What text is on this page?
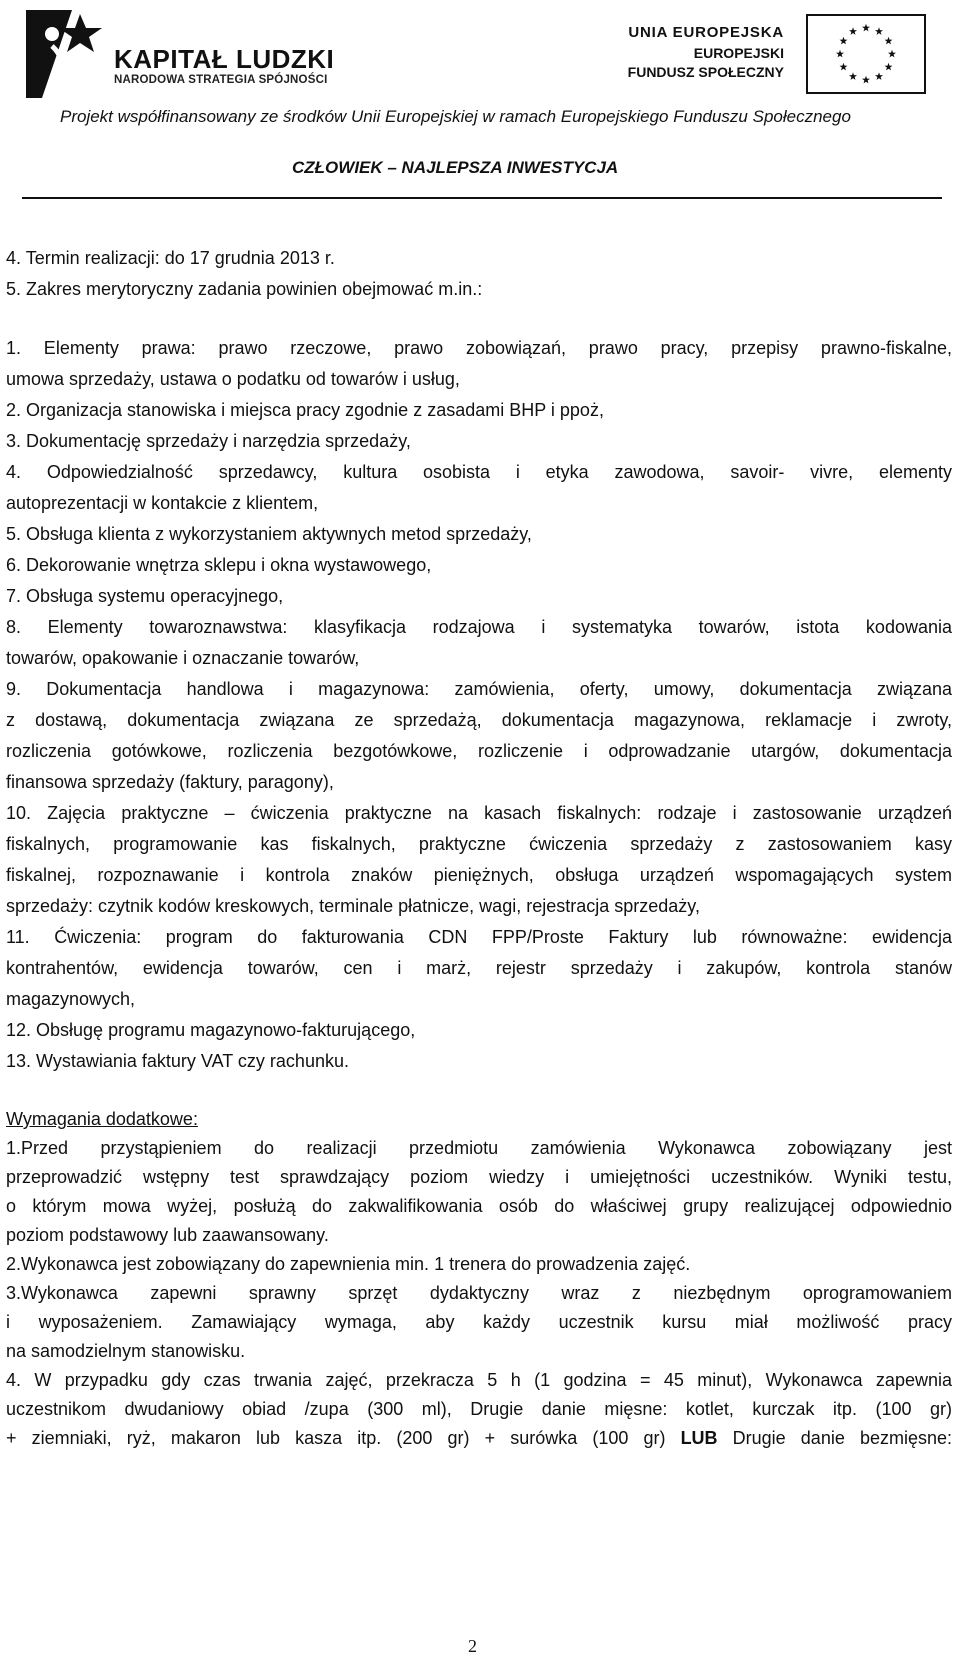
KAPITAŁ LUDZKI
NARODOWA STRATEGIA SPÓJNOŚCI
UNIA EUROPEJSKA
EUROPEJSKI
FUNDUSZ SPOŁECZNY
Projekt współfinansowany ze środków Unii Europejskiej w ramach Europejskiego Funduszu Społecznego
CZŁOWIEK – NAJLEPSZA INWESTYCJA
4. Termin realizacji: do 17 grudnia 2013 r.
5. Zakres merytoryczny zadania powinien obejmować m.in.:
1. Elementy prawa: prawo rzeczowe, prawo zobowiązań, prawo pracy, przepisy prawno-fiskalne,
umowa sprzedaży, ustawa o podatku od towarów i usług,
2. Organizacja stanowiska i miejsca pracy zgodnie z zasadami BHP i ppoż,
3. Dokumentację sprzedaży i narzędzia sprzedaży,
4. Odpowiedzialność sprzedawcy, kultura osobista i etyka zawodowa, savoir- vivre, elementy
autoprezentacji w kontakcie z klientem,
5. Obsługa klienta z wykorzystaniem aktywnych metod sprzedaży,
6. Dekorowanie wnętrza sklepu i okna wystawowego,
7. Obsługa systemu operacyjnego,
8. Elementy towaroznawstwa: klasyfikacja rodzajowa i systematyka towarów, istota kodowania
towarów, opakowanie i oznaczanie towarów,
9. Dokumentacja handlowa i magazynowa: zamówienia, oferty, umowy, dokumentacja związana
z dostawą, dokumentacja związana ze sprzedażą, dokumentacja magazynowa, reklamacje i zwroty,
rozliczenia gotówkowe, rozliczenia bezgotówkowe, rozliczenie i odprowadzanie utargów, dokumentacja
finansowa sprzedaży (faktury, paragony),
10. Zajęcia praktyczne – ćwiczenia praktyczne na kasach fiskalnych: rodzaje i zastosowanie urządzeń
fiskalnych, programowanie kas fiskalnych, praktyczne ćwiczenia sprzedaży z zastosowaniem kasy
fiskalnej, rozpoznawanie i kontrola znaków pieniężnych, obsługa urządzeń wspomagających system
sprzedaży: czytnik kodów kreskowych, terminale płatnicze, wagi, rejestracja sprzedaży,
11. Ćwiczenia: program do fakturowania CDN FPP/Proste Faktury lub równoważne: ewidencja
kontrahentów, ewidencja towarów, cen i marż, rejestr sprzedaży i zakupów, kontrola stanów
magazynowych,
12. Obsługę programu magazynowo-fakturującego,
13. Wystawiania faktury VAT czy rachunku.
Wymagania dodatkowe:
1.Przed przystąpieniem do realizacji przedmiotu zamówienia Wykonawca zobowiązany jest
przeprowadzić wstępny test sprawdzający poziom wiedzy i umiejętności uczestników. Wyniki testu,
o którym mowa wyżej, posłużą do zakwalifikowania osób do właściwej grupy realizującej odpowiednio
poziom podstawowy lub zaawansowany.
2.Wykonawca jest zobowiązany do zapewnienia min. 1 trenera do prowadzenia zajęć.
3.Wykonawca zapewni sprawny sprzęt dydaktyczny wraz z niezbędnym oprogramowaniem
i wyposażeniem. Zamawiający wymaga, aby każdy uczestnik kursu miał możliwość pracy
na samodzielnym stanowisku.
4. W przypadku gdy czas trwania zajęć, przekracza 5 h (1 godzina = 45 minut), Wykonawca zapewnia
uczestnikom dwudaniowy obiad /zupa (300 ml), Drugie danie mięsne: kotlet, kurczak itp. (100 gr)
+ ziemniaki, ryż, makaron lub kasza itp. (200 gr) + surówka (100 gr) LUB Drugie danie bezmięsne:
2
